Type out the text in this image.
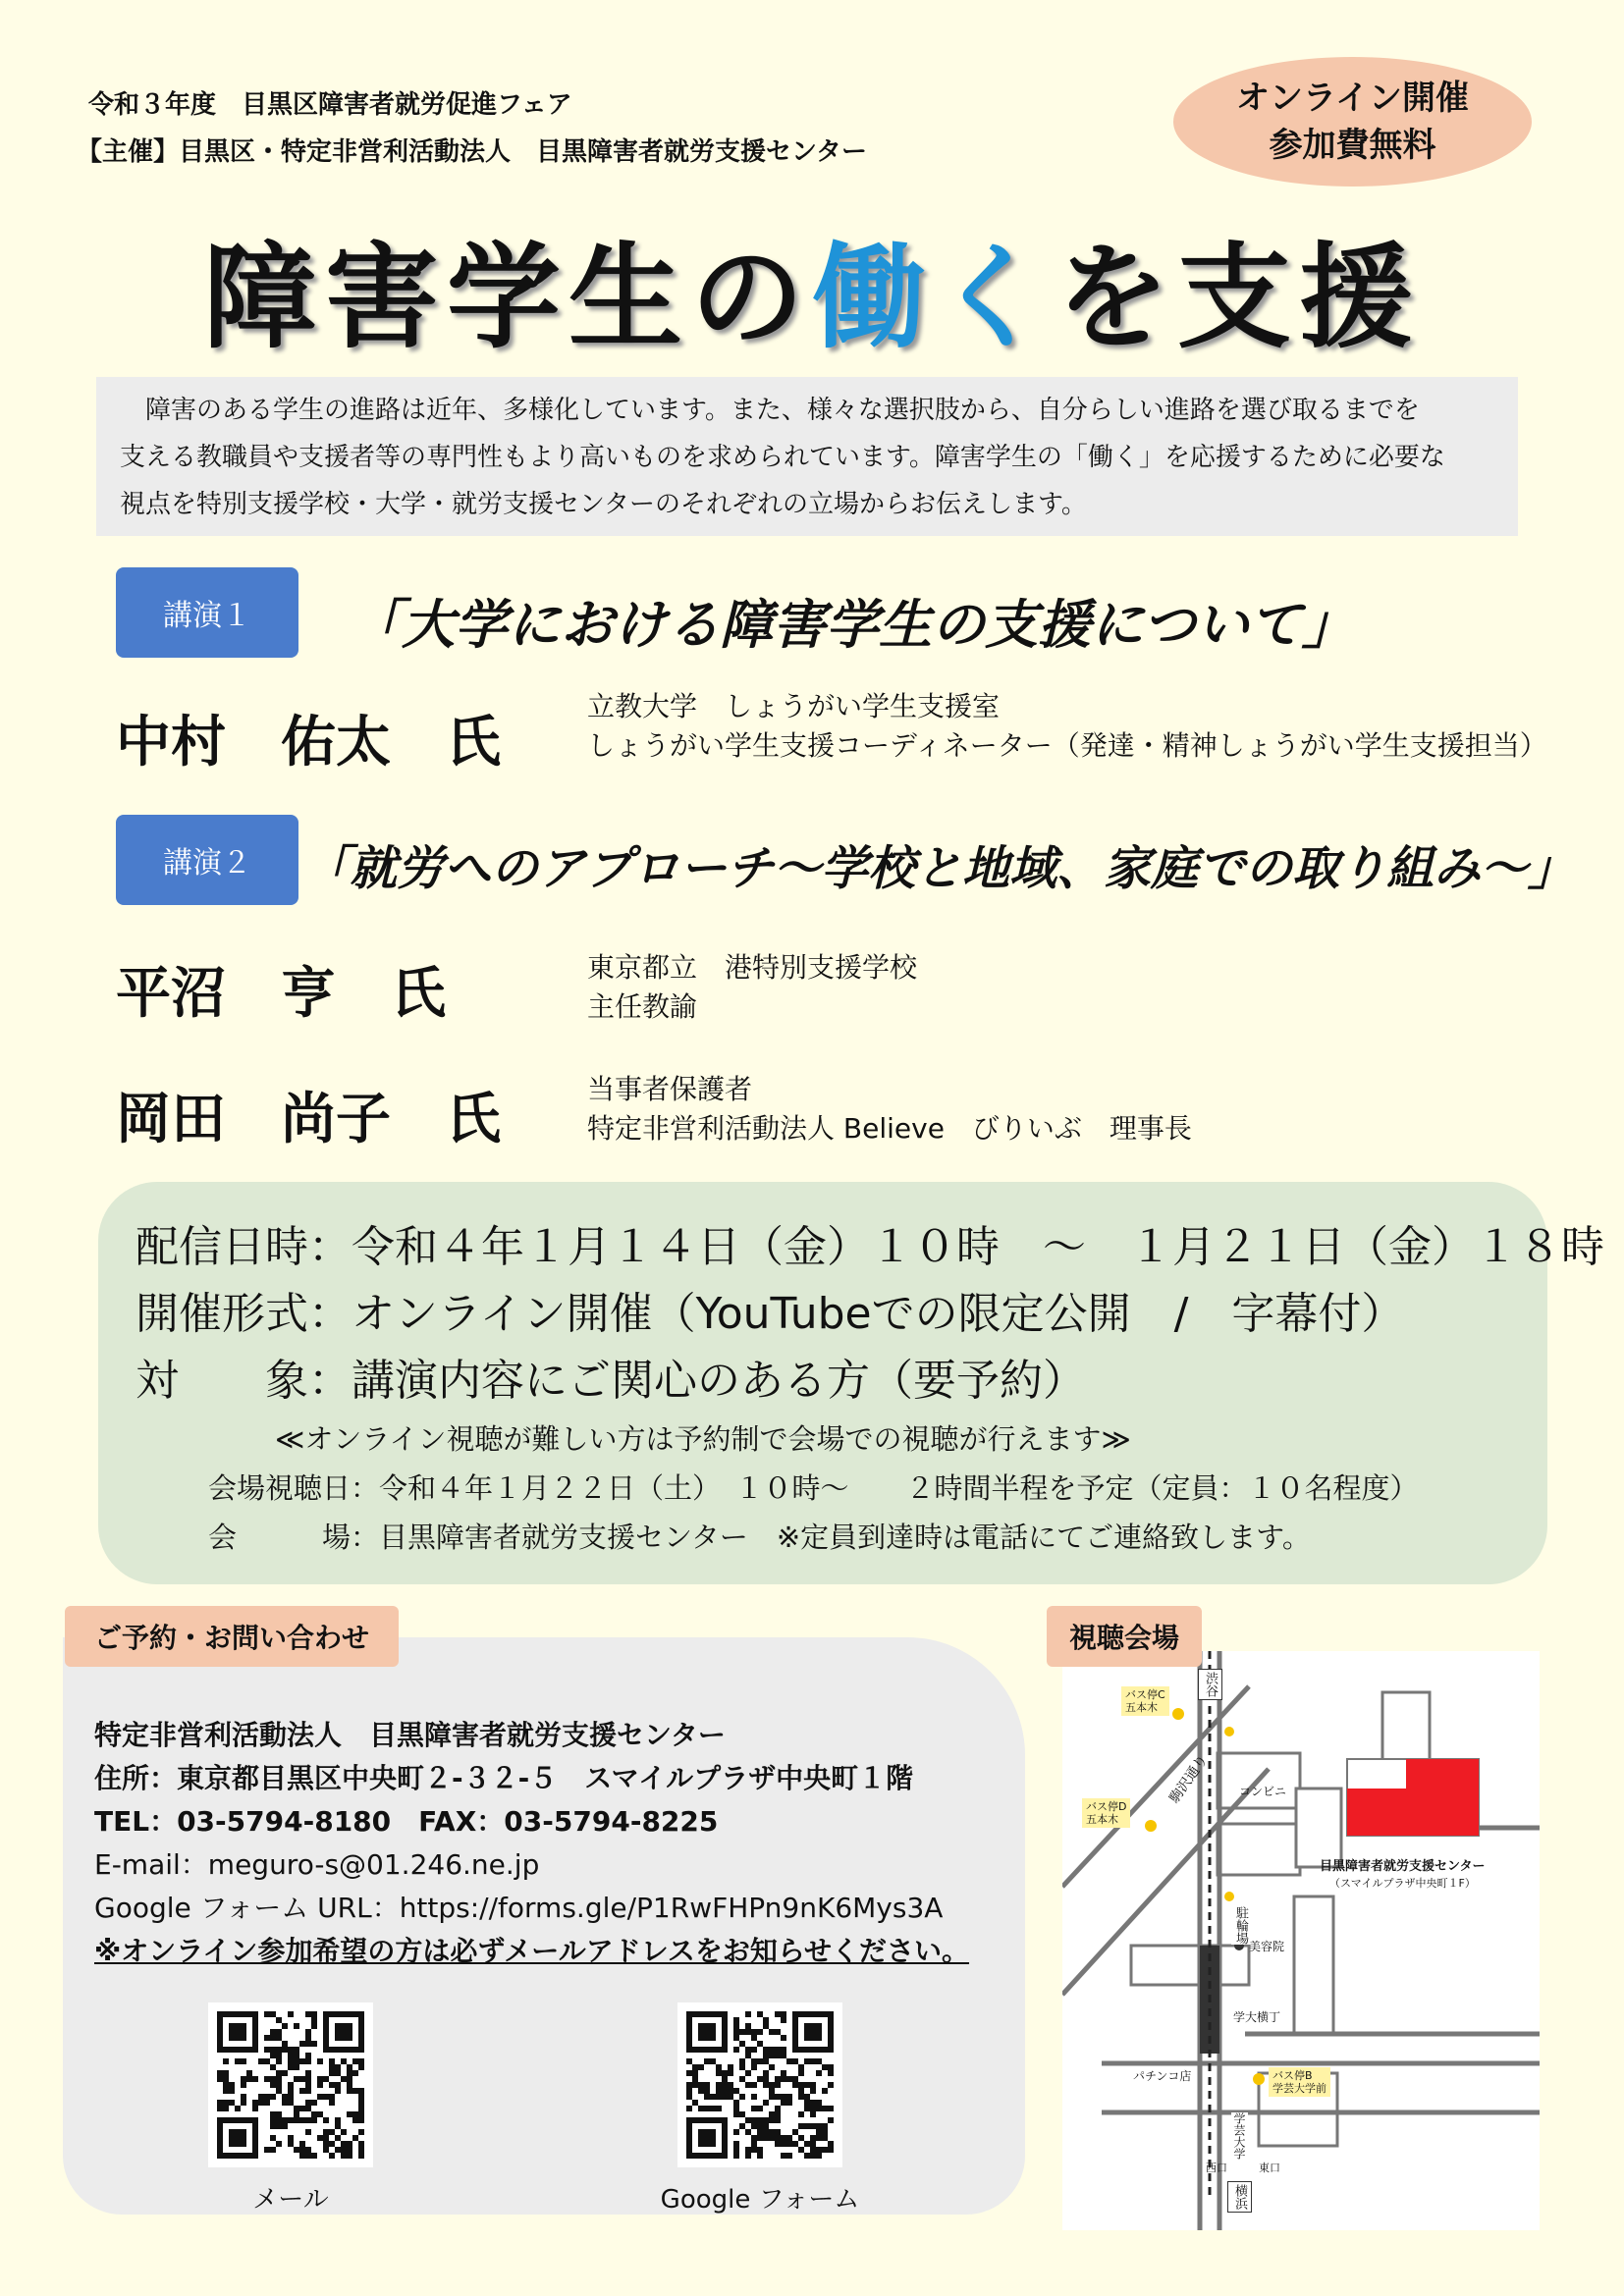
令和３年度　目黒区障害者就労促進フェア
【主催】目黒区・特定非営利活動法人　目黒障害者就労支援センター
オンライン開催
参加費無料
障害学生の働くを支援
障害のある学生の進路は近年、多様化しています。また、様々な選択肢から、自分らしい進路を選び取るまでを
支える教職員や支援者等の専門性もより高いものを求められています。障害学生の「働く」を応援するために必要な
視点を特別支援学校・大学・就労支援センターのそれぞれの立場からお伝えします。
講演１	「大学における障害学生の支援について」
中村　佑太　氏
立教大学　しょうがい学生支援室
しょうがい学生支援コーディネーター（発達・精神しょうがい学生支援担当）
講演２	「就労へのアプローチ～学校と地域、家庭での取り組み～」
平沼　亨　氏	東京都立　港特別支援学校
主任教諭
岡田　尚子　氏	当事者保護者
特定非営利活動法人 Believe　びりいぶ　理事長
配信日時：令和４年１月１４日（金）１０時　～　１月２１日（金）１８時
開催形式：オンライン開催（YouTubeでの限定公開　/　字幕付）
対　　象：講演内容にご関心のある方（要予約）
≪オンライン視聴が難しい方は予約制で会場での視聴が行えます≫
会場視聴日：令和４年１月２２日（土）　１０時～　　２時間半程を予定（定員：１０名程度）
会　　　場：目黒障害者就労支援センター　※定員到達時は電話にてご連絡致します。
特定非営利活動法人　目黒障害者就労支援センター
住所：東京都目黒区中央町２-３２-５　スマイルプラザ中央町１階
TEL：03-5794-8180　FAX：03-5794-8225
E-mail：meguro-s@01.246.ne.jp
Google フォーム URL：https://forms.gle/P1RwFHPn9nK6Mys3A
※オンライン参加希望の方は必ずメールアドレスをお知らせください。
メール	Google フォーム
ご予約・お問い合わせ
渋谷
駒沢通り
バス停C
五本木
バス停D
五本木
コンビニ
目黒障害者就労支援センター
（スマイルプラザ中央町１F）
駐輪場
美容院
学大横丁
パチンコ店	バス停B
学芸大学前
学芸大学
西口	東口
横浜
視聴会場
